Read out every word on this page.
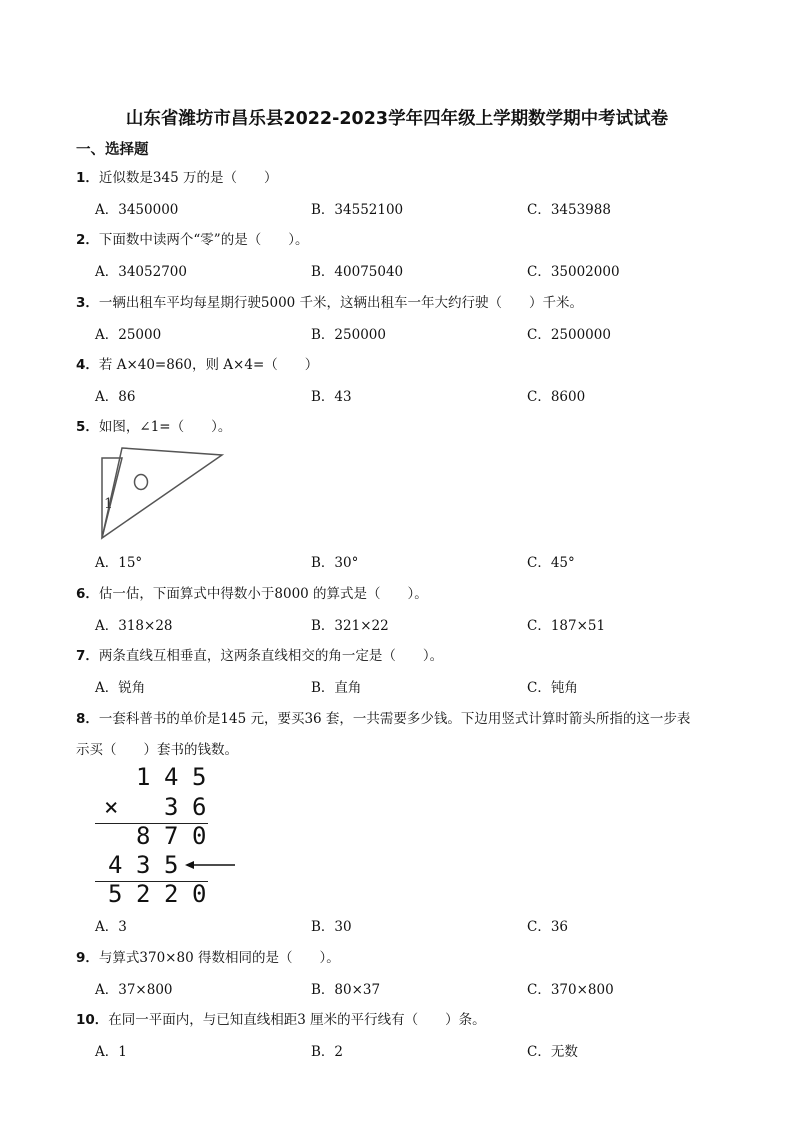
山东省潍坊市昌乐县2022-2023学年四年级上学期数学期中考试试卷
一、选择题
1．近似数是345 万的是（　　）
A．3450000	B．34552100	C．3453988
2．下面数中读两个“零”的是（　　）。
A．34052700	B．40075040	C．35002000
3．一辆出租车平均每星期行驶5000 千米，这辆出租车一年大约行驶（　　）千米。
A．25000	B．250000	C．2500000
4．若 A×40=860，则 A×4=（　　）
A．86	B．43	C．8600
5．如图，∠1=（　　）。
1
A．15°	B．30°	C．45°
6．估一估，下面算式中得数小于8000 的算式是（　　）。
A．318×28	B．321×22	C．187×51
7．两条直线互相垂直，这两条直线相交的角一定是（　　）。
A．锐角	B．直角	C．钝角
8．一套科普书的单价是145 元，要买36 套，一共需要多少钱。下边用竖式计算时箭头所指的这一步表
示买（　　）套书的钱数。
1 4 5
× 3 6
8 7 0
4 3 5
5 2 2 0
A．3	B．30	C．36
9．与算式370×80 得数相同的是（　　）。
A．37×800	B．80×37	C．370×800
10．在同一平面内，与已知直线相距3 厘米的平行线有（　　）条。
A．1	B．2	C．无数
